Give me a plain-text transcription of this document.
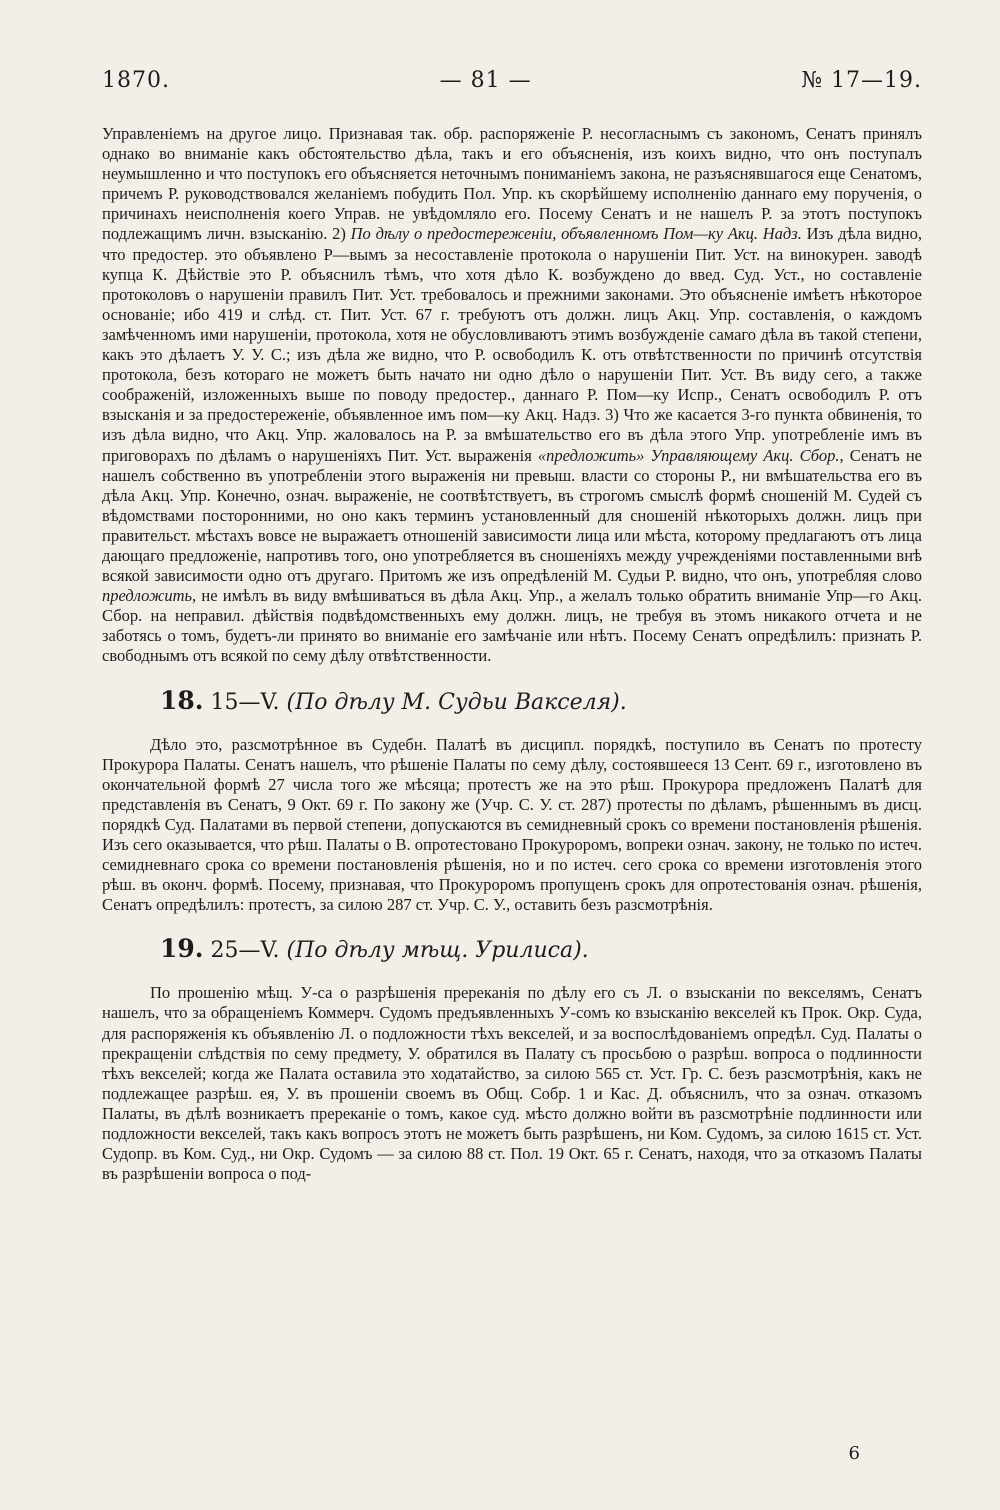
1870.	— 81 —	№ 17—19.

Управленіемъ на другое лицо. Признавая так. обр. распоряженіе Р. несогласнымъ съ закономъ, Сенатъ принялъ однако во вниманіе какъ обстоятельство дѣла, такъ и его объясненія, изъ коихъ видно, что онъ поступалъ неумышленно и что поступокъ его объясняется неточнымъ пониманіемъ закона, не разъяснявшагося еще Сенатомъ, причемъ Р. руководствовался желаніемъ побудить Пол. Упр. къ скорѣйшему исполненію даннаго ему порученія, о причинахъ неисполненія коего Управ. не увѣдомляло его. Посему Сенатъ и не нашелъ Р. за этотъ поступокъ подлежащимъ личн. взысканію. 2) По дѣлу о предостереженіи, объявленномъ Пом—ку Акц. Надз. Изъ дѣла видно, что предостер. это объявлено Р—вымъ за несоставленіе протокола о нарушеніи Пит. Уст. на винокурен. заводѣ купца К. Дѣйствіе это Р. объяснилъ тѣмъ, что хотя дѣло К. возбуждено до введ. Суд. Уст., но составленіе протоколовъ о нарушеніи правилъ Пит. Уст. требовалось и прежними законами. Это объясненіе имѣетъ нѣкоторое основаніе; ибо 419 и слѣд. ст. Пит. Уст. 67 г. требуютъ отъ должн. лицъ Акц. Упр. составленія, о каждомъ замѣченномъ ими нарушеніи, протокола, хотя не обусловливаютъ этимъ возбужденіе самаго дѣла въ такой степени, какъ это дѣлаетъ У. У. С.; изъ дѣла же видно, что Р. освободилъ К. отъ отвѣтственности по причинѣ отсутствія протокола, безъ котораго не можетъ быть начато ни одно дѣло о нарушеніи Пит. Уст. Въ виду сего, а также соображеній, изложенныхъ выше по поводу предостер., даннаго Р. Пом—ку Испр., Сенатъ освободилъ Р. отъ взысканія и за предостереженіе, объявленное имъ пом—ку Акц. Надз. 3) Что же касается 3-го пункта обвиненія, то изъ дѣла видно, что Акц. Упр. жаловалось на Р. за вмѣшательство его въ дѣла этого Упр. употребленіе имъ въ приговорахъ по дѣламъ о нарушеніяхъ Пит. Уст. выраженія «предложить» Управляющему Акц. Сбор., Сенатъ не нашелъ собственно въ употребленіи этого выраженія ни превыш. власти со стороны Р., ни вмѣшательства его въ дѣла Акц. Упр. Конечно, означ. выраженіе, не соотвѣтствуетъ, въ строгомъ смыслѣ формѣ сношеній М. Судей съ вѣдомствами посторонними, но оно какъ терминъ установленный для сношеній нѣкоторыхъ должн. лицъ при правительст. мѣстахъ вовсе не выражаетъ отношеній зависимости лица или мѣста, которому предлагаютъ отъ лица дающаго предложеніе, напротивъ того, оно употребляется въ сношеніяхъ между учрежденіями поставленными внѣ всякой зависимости одно отъ другаго. Притомъ же изъ опредѣленій М. Судьи Р. видно, что онъ, употребляя слово предложить, не имѣлъ въ виду вмѣшиваться въ дѣла Акц. Упр., а желалъ только обратить вниманіе Упр—го Акц. Сбор. на неправил. дѣйствія подвѣдомственныхъ ему должн. лицъ, не требуя въ этомъ никакого отчета и не заботясь о томъ, будетъ-ли принято во вниманіе его замѣчаніе или нѣтъ. Посему Сенатъ опредѣлилъ: признать Р. свободнымъ отъ всякой по сему дѣлу отвѣтственности.

18. 15—V. (По дѣлу М. Судьи Ваксeля).

Дѣло это, разсмотрѣнное въ Судебн. Палатѣ въ дисципл. порядкѣ, поступило въ Сенатъ по протесту Прокурора Палаты. Сенатъ нашелъ, что рѣшеніе Палаты по сему дѣлу, состоявшееся 13 Сент. 69 г., изготовлено въ окончательной формѣ 27 числа того же мѣсяца; протестъ же на это рѣш. Прокурора предложенъ Палатѣ для представленія въ Сенатъ, 9 Окт. 69 г. По закону же (Учр. С. У. ст. 287) протесты по дѣламъ, рѣшеннымъ въ дисц. порядкѣ Суд. Палатами въ первой степени, допускаются въ семидневный срокъ со времени постановленія рѣшенія. Изъ сего оказывается, что рѣш. Палаты о В. опротестовано Прокуроромъ, вопреки означ. закону, не только по истеч. семидневнаго срока со времени постановленія рѣшенія, но и по истеч. сего срока со времени изготовленія этого рѣш. въ оконч. формѣ. Посему, признавая, что Прокуроромъ пропущенъ срокъ для опротестованія означ. рѣшенія, Сенатъ опредѣлилъ: протестъ, за силою 287 ст. Учр. С. У., оставить безъ разсмотрѣнія.

19. 25—V. (По дѣлу мѣщ. Урилиса).

По прошенію мѣщ. У-са о разрѣшенія пререканія по дѣлу его съ Л. о взысканіи по векселямъ, Сенатъ нашелъ, что за обращеніемъ Коммерч. Судомъ предъявленныхъ У-сомъ ко взысканію векселей къ Прок. Окр. Суда, для распоряженія къ объявленію Л. о подложности тѣхъ векселей, и за воспослѣдованіемъ опредѣл. Суд. Палаты о прекращеніи слѣдствія по сему предмету, У. обратился въ Палату съ просьбою о разрѣш. вопроса о подлинности тѣхъ векселей; когда же Палата оставила это ходатайство, за силою 565 ст. Уст. Гр. С. безъ разсмотрѣнія, какъ не подлежащее разрѣш. ея, У. въ прошеніи своемъ въ Общ. Собр. 1 и Кас. Д. объяснилъ, что за означ. отказомъ Палаты, въ дѣлѣ возникаетъ пререканіе о томъ, какое суд. мѣсто должно войти въ разсмотрѣніе подлинности или подложности векселей, такъ какъ вопросъ этотъ не можетъ быть разрѣшенъ, ни Ком. Судомъ, за силою 1615 ст. Уст. Судопр. въ Ком. Суд., ни Окр. Судомъ — за силою 88 ст. Пол. 19 Окт. 65 г. Сенатъ, находя, что за отказомъ Палаты въ разрѣшеніи вопроса о под-

6
